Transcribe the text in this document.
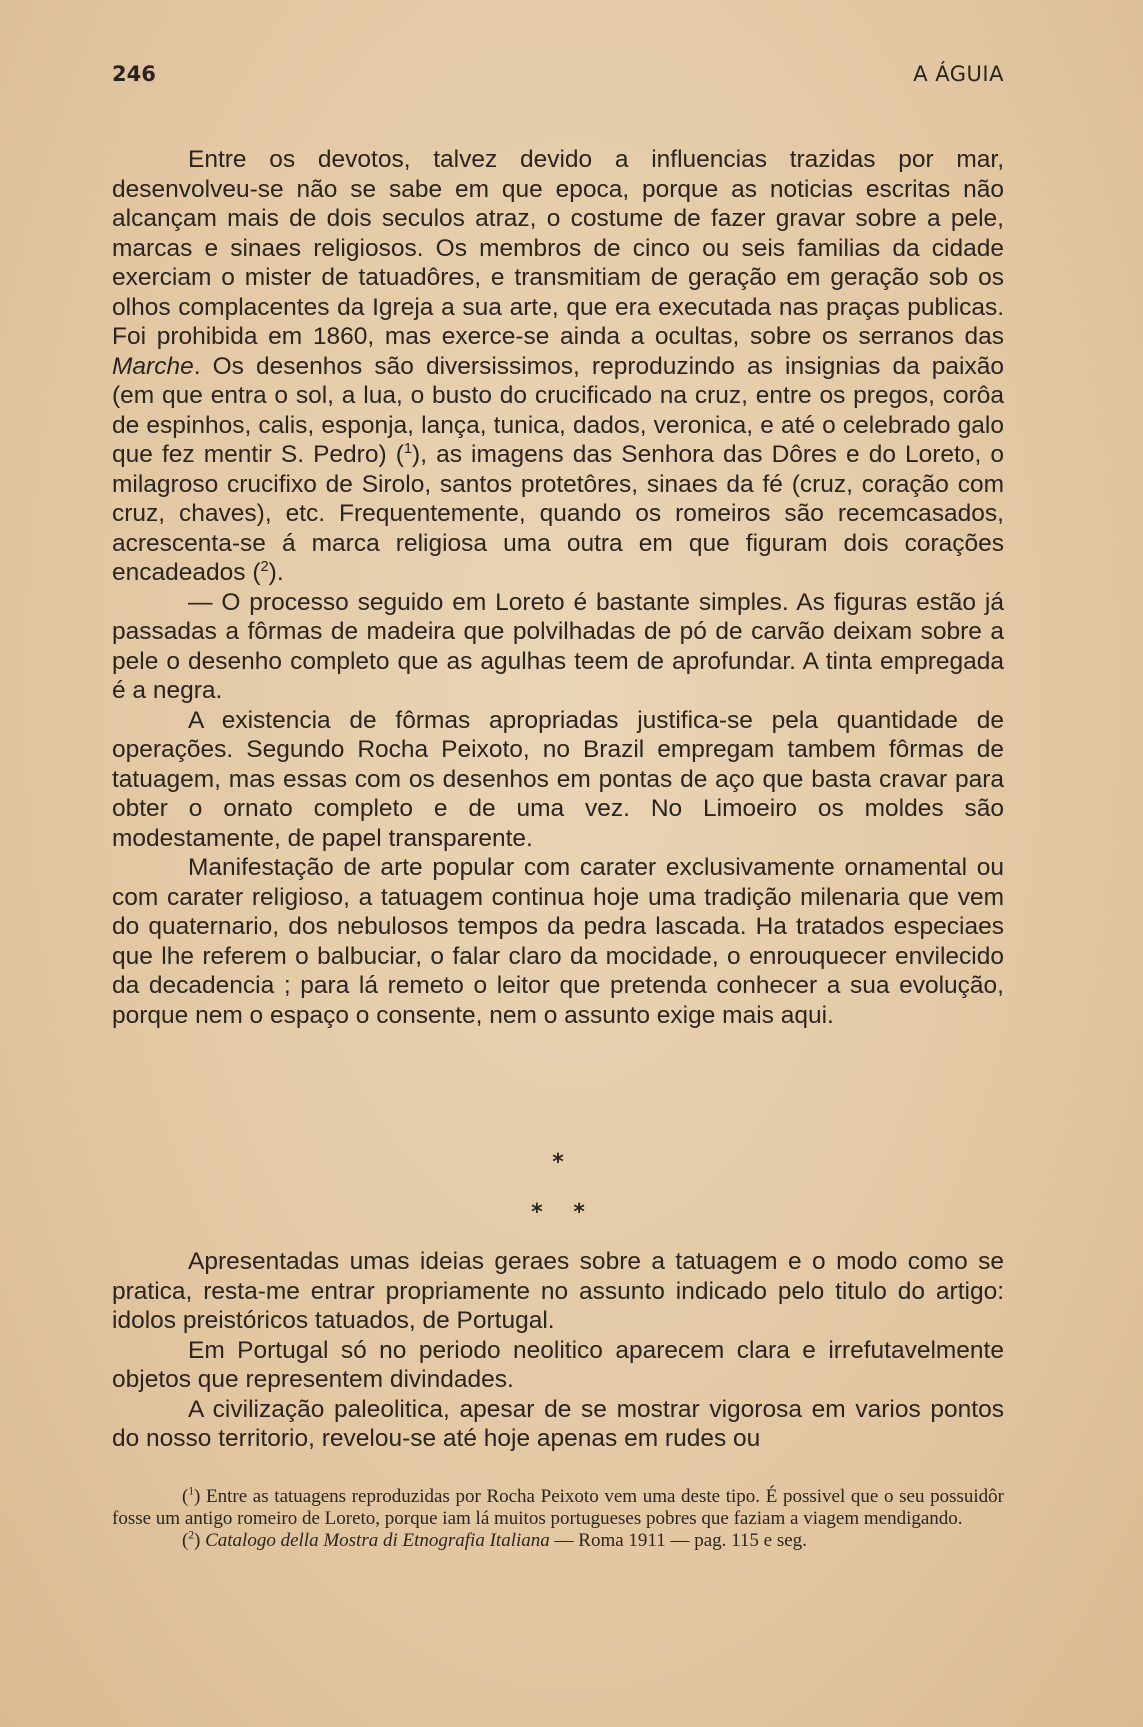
246	A ÁGUIA

Entre os devotos, talvez devido a influencias trazidas por mar, desenvolveu-se não se sabe em que epoca, porque as noticias escritas não alcançam mais de dois seculos atraz, o costume de fazer gravar sobre a pele, marcas e sinaes religiosos. Os membros de cinco ou seis familias da cidade exerciam o mister de tatuadôres, e transmitiam de geração em geração sob os olhos complacentes da Igreja a sua arte, que era executada nas praças publicas. Foi prohibida em 1860, mas exerce-se ainda a ocultas, sobre os serranos das Marche. Os desenhos são diversissimos, reproduzindo as insignias da paixão (em que entra o sol, a lua, o busto do crucificado na cruz, entre os pregos, corôa de espinhos, calis, esponja, lança, tunica, dados, veronica, e até o celebrado galo que fez mentir S. Pedro) ($^1$), as imagens das Senhora das Dôres e do Loreto, o milagroso crucifixo de Sirolo, santos protetôres, sinaes da fé (cruz, coração com cruz, chaves), etc. Frequentemente, quando os romeiros são recemcasados, acrescenta-se á marca religiosa uma outra em que figuram dois corações encadeados ($^2$).

— O processo seguido em Loreto é bastante simples. As figuras estão já passadas a fôrmas de madeira que polvilhadas de pó de carvão deixam sobre a pele o desenho completo que as agulhas teem de aprofundar. A tinta empregada é a negra.

A existencia de fôrmas apropriadas justifica-se pela quantidade de operações. Segundo Rocha Peixoto, no Brazil empregam tambem fôrmas de tatuagem, mas essas com os desenhos em pontas de aço que basta cravar para obter o ornato completo e de uma vez. No Limoeiro os moldes são modestamente, de papel transparente.

Manifestação de arte popular com carater exclusivamente ornamental ou com carater religioso, a tatuagem continua hoje uma tradição milenaria que vem do quaternario, dos nebulosos tempos da pedra lascada. Ha tratados especiaes que lhe referem o balbuciar, o falar claro da mocidade, o enrouquecer envilecido da decadencia ; para lá remeto o leitor que pretenda conhecer a sua evolução, porque nem o espaço o consente, nem o assunto exige mais aqui.

*
*    *

Apresentadas umas ideias geraes sobre a tatuagem e o modo como se pratica, resta-me entrar propriamente no assunto indicado pelo titulo do artigo: idolos preistóricos tatuados, de Portugal.

Em Portugal só no periodo neolitico aparecem clara e irrefutavelmente objetos que representem divindades.

A civilização paleolitica, apesar de se mostrar vigorosa em varios pontos do nosso territorio, revelou-se até hoje apenas em rudes ou

($^1$) Entre as tatuagens reproduzidas por Rocha Peixoto vem uma deste tipo. É possivel que o seu possuidôr fosse um antigo romeiro de Loreto, porque iam lá muitos portugueses pobres que faziam a viagem mendigando.

($^2$) Catalogo della Mostra di Etnografia Italiana — Roma 1911 — pag. 115 e seg.
